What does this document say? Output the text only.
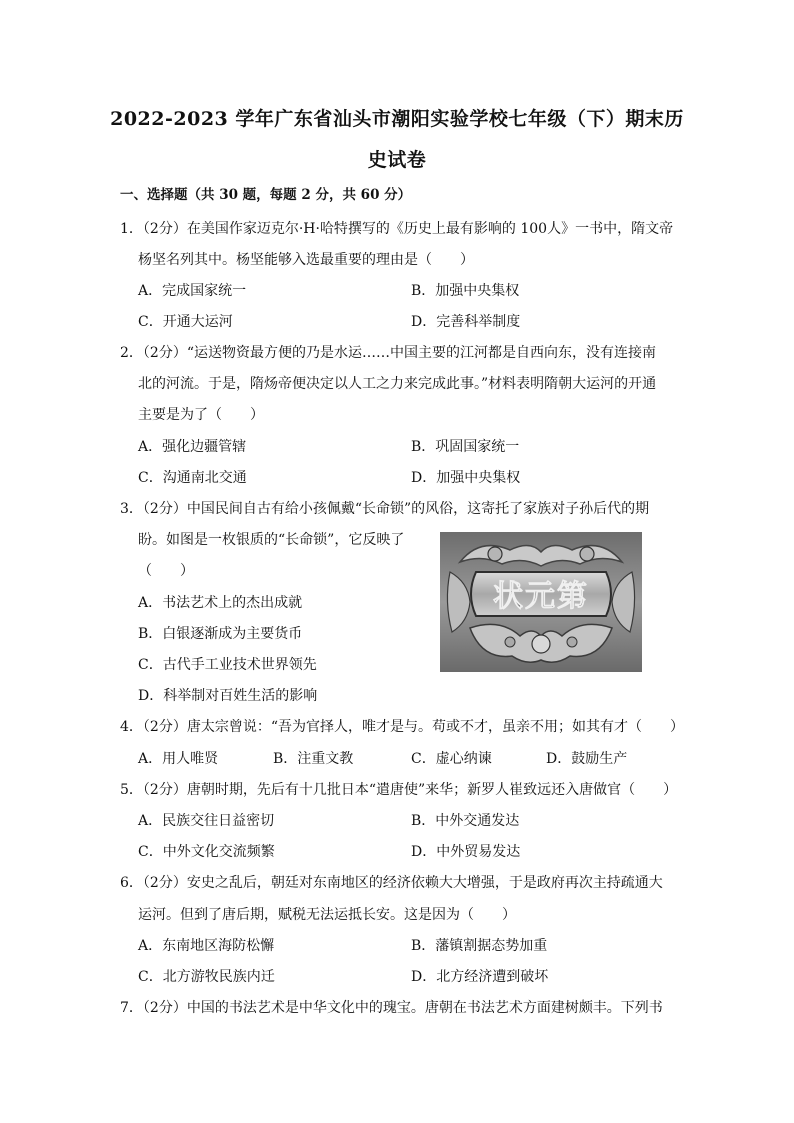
2022-2023 学年广东省汕头市潮阳实验学校七年级（下）期末历
史试卷
一、选择题（共 30 题，每题 2 分，共 60 分）
1．（2分）在美国作家迈克尔·H·哈特撰写的《历史上最有影响的 100人》一书中，隋文帝
杨坚名列其中。杨坚能够入选最重要的理由是（　　）
A．完成国家统一	B．加强中央集权
C．开通大运河	D．完善科举制度
2．（2分）“运送物资最方便的乃是水运……中国主要的江河都是自西向东，没有连接南
北的河流。于是，隋炀帝便决定以人工之力来完成此事。”材料表明隋朝大运河的开通
主要是为了（　　）
A．强化边疆管辖	B．巩固国家统一
C．沟通南北交通	D．加强中央集权
3．（2分）中国民间自古有给小孩佩戴“长命锁”的风俗，这寄托了家族对子孙后代的期
盼。如图是一枚银质的“长命锁”，它反映了
（　　）
A．书法艺术上的杰出成就
B．白银逐渐成为主要货币
C．古代手工业技术世界领先
D．科举制对百姓生活的影响
状元第
4．（2分）唐太宗曾说：“吾为官择人，唯才是与。苟或不才，虽亲不用；如其有才（　　）
A．用人唯贤	B．注重文教	C．虚心纳谏	D．鼓励生产
5．（2分）唐朝时期，先后有十几批日本“遣唐使”来华；新罗人崔致远还入唐做官（　　）
A．民族交往日益密切	B．中外交通发达
C．中外文化交流频繁	D．中外贸易发达
6．（2分）安史之乱后，朝廷对东南地区的经济依赖大大增强，于是政府再次主持疏通大
运河。但到了唐后期，赋税无法运抵长安。这是因为（　　）
A．东南地区海防松懈	B．藩镇割据态势加重
C．北方游牧民族内迁	D．北方经济遭到破坏
7．（2分）中国的书法艺术是中华文化中的瑰宝。唐朝在书法艺术方面建树颇丰。下列书
